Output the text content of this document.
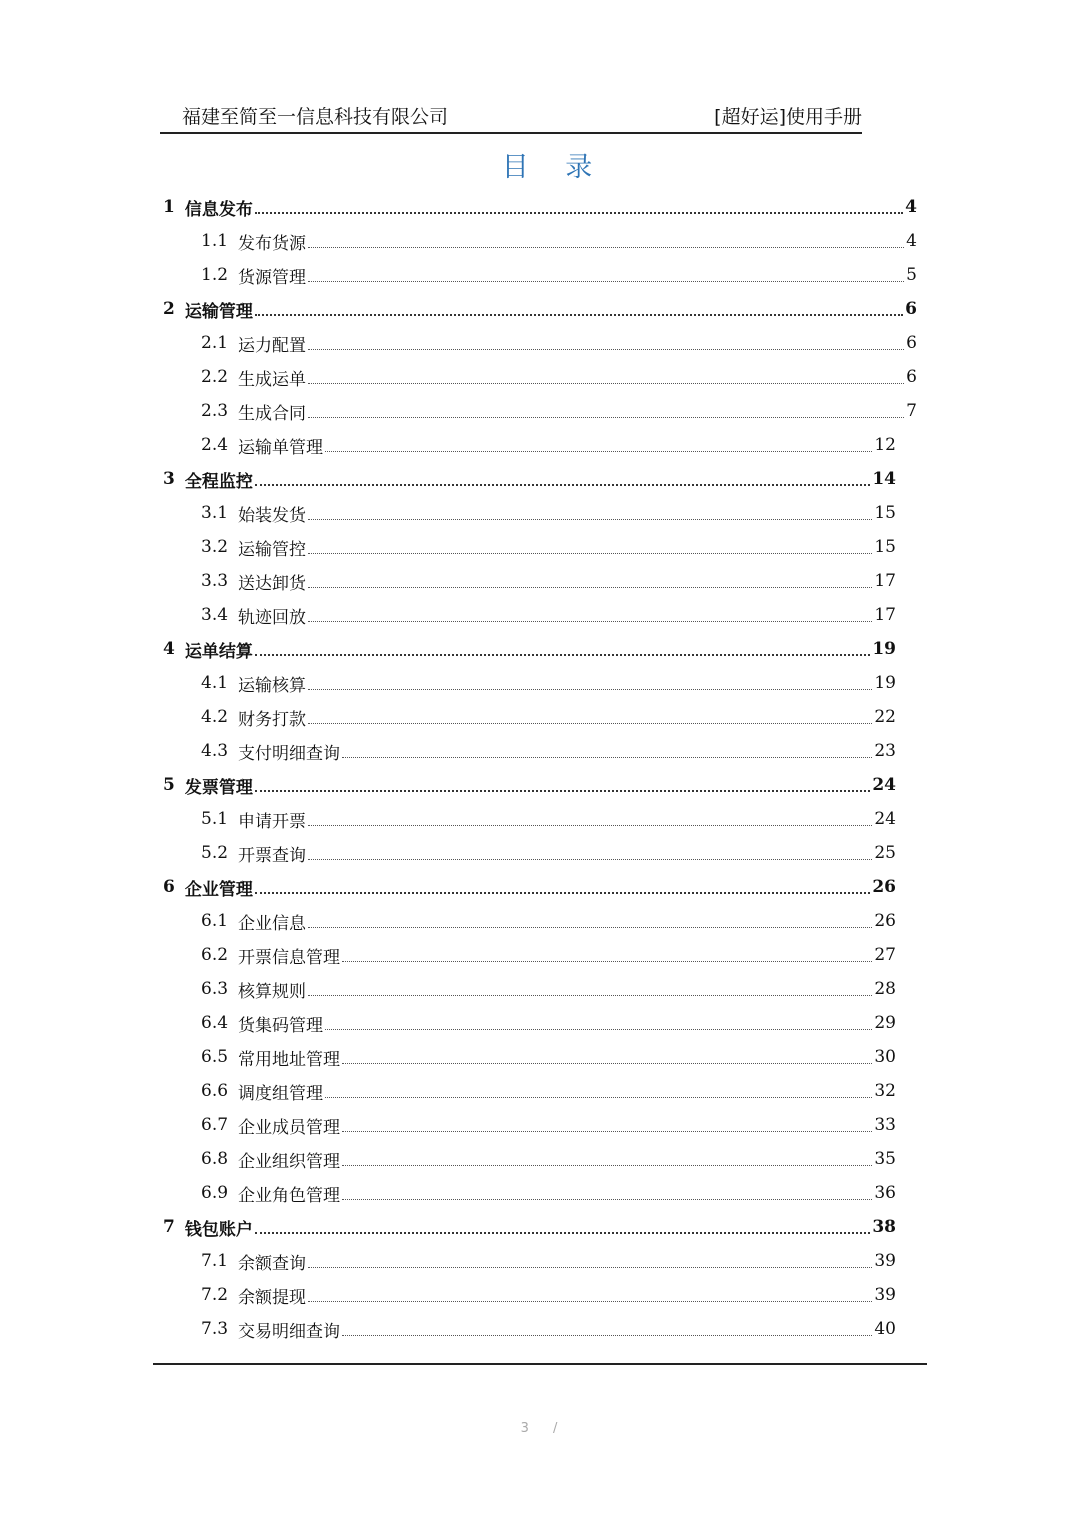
福建至简至一信息科技有限公司	[超好运]使用手册
目 录
1 信息发布	4
1.1 发布货源	4
1.2 货源管理	5
2 运输管理	6
2.1 运力配置	6
2.2 生成运单	6
2.3 生成合同	7
2.4 运输单管理	12
3 全程监控	14
3.1 始装发货	15
3.2 运输管控	15
3.3 送达卸货	17
3.4 轨迹回放	17
4 运单结算	19
4.1 运输核算	19
4.2 财务打款	22
4.3 支付明细查询	23
5 发票管理	24
5.1 申请开票	24
5.2 开票查询	25
6 企业管理	26
6.1 企业信息	26
6.2 开票信息管理	27
6.3 核算规则	28
6.4 货集码管理	29
6.5 常用地址管理	30
6.6 调度组管理	32
6.7 企业成员管理	33
6.8 企业组织管理	35
6.9 企业角色管理	36
7 钱包账户	38
7.1 余额查询	39
7.2 余额提现	39
7.3 交易明细查询	40
3 /
